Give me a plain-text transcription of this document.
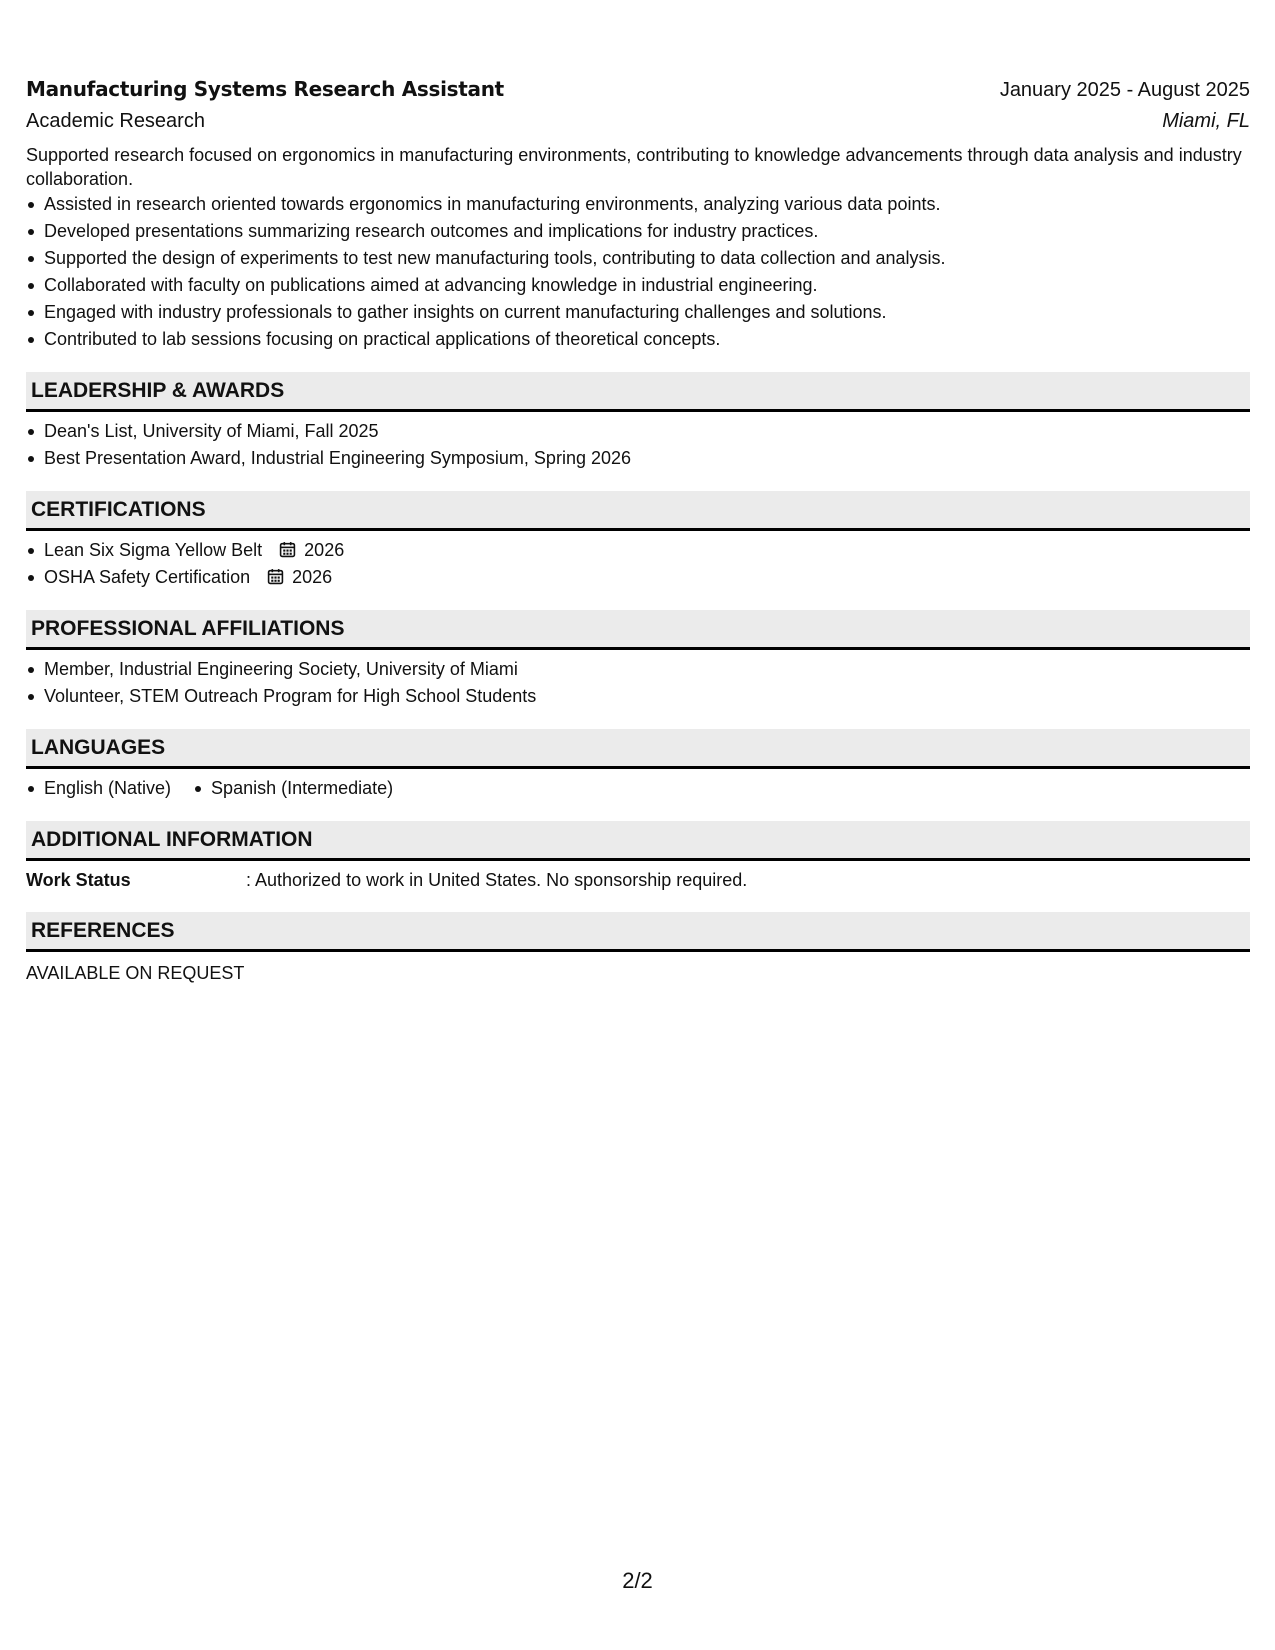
Manufacturing Systems Research Assistant	January 2025 - August 2025
Academic Research	Miami, FL
Supported research focused on ergonomics in manufacturing environments, contributing to knowledge advancements through data analysis and industry collaboration.
Assisted in research oriented towards ergonomics in manufacturing environments, analyzing various data points.
Developed presentations summarizing research outcomes and implications for industry practices.
Supported the design of experiments to test new manufacturing tools, contributing to data collection and analysis.
Collaborated with faculty on publications aimed at advancing knowledge in industrial engineering.
Engaged with industry professionals to gather insights on current manufacturing challenges and solutions.
Contributed to lab sessions focusing on practical applications of theoretical concepts.
LEADERSHIP & AWARDS
Dean's List, University of Miami, Fall 2025
Best Presentation Award, Industrial Engineering Symposium, Spring 2026
CERTIFICATIONS
Lean Six Sigma Yellow Belt 2026
OSHA Safety Certification 2026
PROFESSIONAL AFFILIATIONS
Member, Industrial Engineering Society, University of Miami
Volunteer, STEM Outreach Program for High School Students
LANGUAGES
English (Native) Spanish (Intermediate)
ADDITIONAL INFORMATION
Work Status	: Authorized to work in United States. No sponsorship required.
REFERENCES
AVAILABLE ON REQUEST
2/2
